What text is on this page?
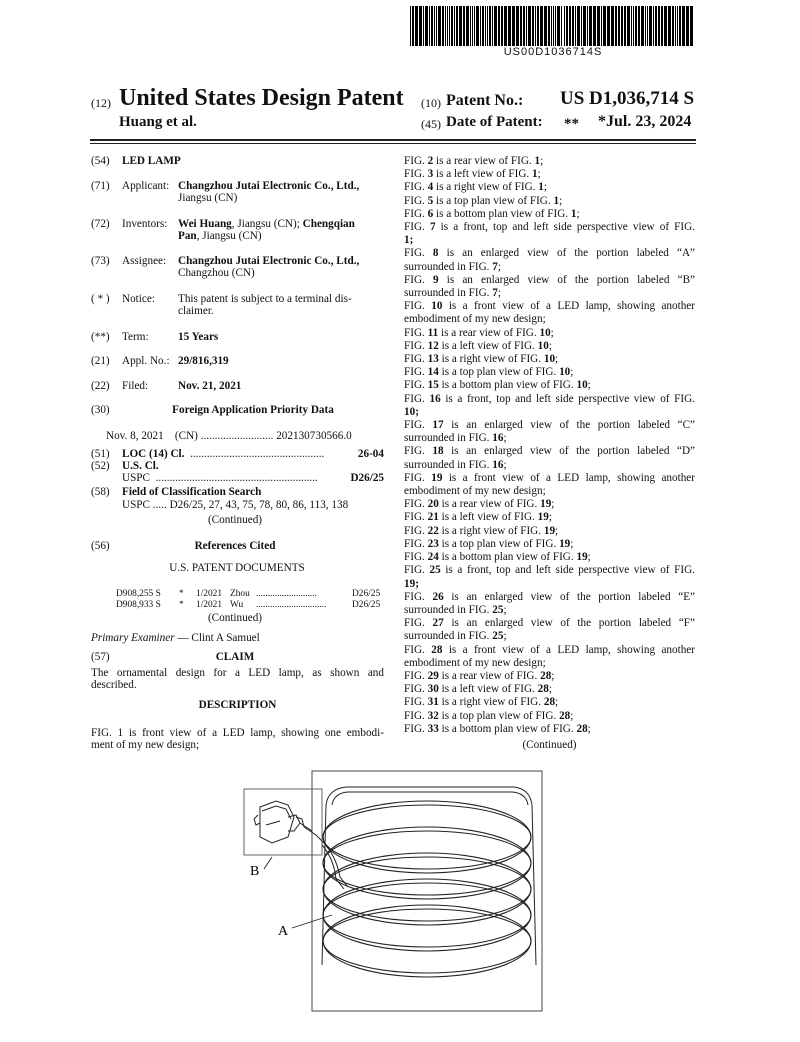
US00D1036714S
(12) United States Design Patent
Huang et al.
(10) Patent No.: US D1,036,714 S
(45) Date of Patent: ** *Jul. 23, 2024
(54) LED LAMP
(71) Applicant: Changzhou Jutai Electronic Co., Ltd.,
Jiangsu (CN)
(72) Inventors: Wei Huang, Jiangsu (CN); Chengqian
Pan, Jiangsu (CN)
(73) Assignee: Changzhou Jutai Electronic Co., Ltd.,
Changzhou (CN)
( * ) Notice: This patent is subject to a terminal dis-
claimer.
(**) Term:	15 Years
(21) Appl. No.: 29/816,319
(22) Filed:	Nov. 21, 2021
(30)	Foreign Application Priority Data
Nov. 8, 2021 (CN) .......................... 202130730566.0
(51) LOC (14) Cl. ................................................	26-04
(52) U.S. Cl.
USPC ..........................................................	D26/25
(58) Field of Classification Search
USPC ..... D26/25, 27, 43, 75, 78, 80, 86, 113, 138
(Continued)
(56)	References Cited
U.S. PATENT DOCUMENTS
D908,255 S	*	1/2021 Zhou ..........................	D26/25
D908,933 S	*	1/2021 Wu	..............................	D26/25
(Continued)
Primary Examiner — Clint A Samuel
(57)	CLAIM
The ornamental design for a LED lamp, as shown and
described.
DESCRIPTION
FIG. 1 is front view of a LED lamp, showing one embodi-
ment of my new design;
FIG. 2 is a rear view of FIG. 1;
FIG. 3 is a left view of FIG. 1;
FIG. 4 is a right view of FIG. 1;
FIG. 5 is a top plan view of FIG. 1;
FIG. 6 is a bottom plan view of FIG. 1;
FIG. 7 is a front, top and left side perspective view of FIG.
1;
FIG. 8 is an enlarged view of the portion labeled “A”
surrounded in FIG. 7;
FIG. 9 is an enlarged view of the portion labeled “B”
surrounded in FIG. 7;
FIG. 10 is a front view of a LED lamp, showing another
embodiment of my new design;
FIG. 11 is a rear view of FIG. 10;
FIG. 12 is a left view of FIG. 10;
FIG. 13 is a right view of FIG. 10;
FIG. 14 is a top plan view of FIG. 10;
FIG. 15 is a bottom plan view of FIG. 10;
FIG. 16 is a front, top and left side perspective view of FIG.
10;
FIG. 17 is an enlarged view of the portion labeled “C”
surrounded in FIG. 16;
FIG. 18 is an enlarged view of the portion labeled “D”
surrounded in FIG. 16;
FIG. 19 is a front view of a LED lamp, showing another
embodiment of my new design;
FIG. 20 is a rear view of FIG. 19;
FIG. 21 is a left view of FIG. 19;
FIG. 22 is a right view of FIG. 19;
FIG. 23 is a top plan view of FIG. 19;
FIG. 24 is a bottom plan view of FIG. 19;
FIG. 25 is a front, top and left side perspective view of FIG.
19;
FIG. 26 is an enlarged view of the portion labeled “E”
surrounded in FIG. 25;
FIG. 27 is an enlarged view of the portion labeled “F”
surrounded in FIG. 25;
FIG. 28 is a front view of a LED lamp, showing another
embodiment of my new design;
FIG. 29 is a rear view of FIG. 28;
FIG. 30 is a left view of FIG. 28;
FIG. 31 is a right view of FIG. 28;
FIG. 32 is a top plan view of FIG. 28;
FIG. 33 is a bottom plan view of FIG. 28;
(Continued)
B
A
